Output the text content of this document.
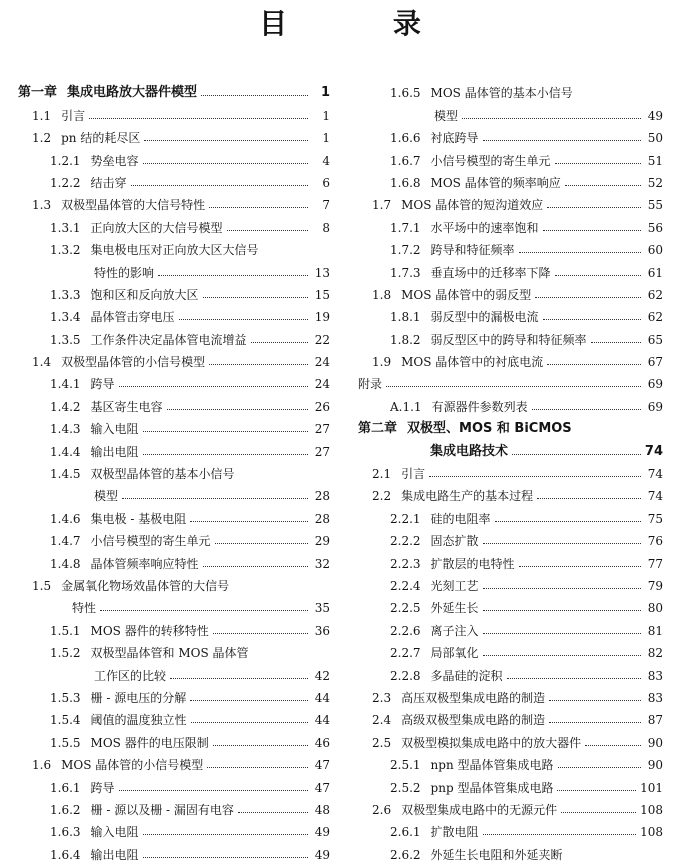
目 录
第一章 集成电路放大器件模型	1
1.1 引言	1
1.2 pn 结的耗尽区	1
1.2.1 势垒电容	4
1.2.2 结击穿	6
1.3 双极型晶体管的大信号特性	7
1.3.1 正向放大区的大信号模型	8
1.3.2 集电极电压对正向放大区大信号
特性的影响	13
1.3.3 饱和区和反向放大区	15
1.3.4 晶体管击穿电压	19
1.3.5 工作条件决定晶体管电流增益	22
1.4 双极型晶体管的小信号模型	24
1.4.1 跨导	24
1.4.2 基区寄生电容	26
1.4.3 输入电阻	27
1.4.4 输出电阻	27
1.4.5 双极型晶体管的基本小信号
模型	28
1.4.6 集电极 - 基极电阻	28
1.4.7 小信号模型的寄生单元	29
1.4.8 晶体管频率响应特性	32
1.5 金属氧化物场效晶体管的大信号
特性	35
1.5.1 MOS 器件的转移特性	36
1.5.2 双极型晶体管和 MOS 晶体管
工作区的比较	42
1.5.3 栅 - 源电压的分解	44
1.5.4 阈值的温度独立性	44
1.5.5 MOS 器件的电压限制	46
1.6 MOS 晶体管的小信号模型	47
1.6.1 跨导	47
1.6.2 栅 - 源以及栅 - 漏固有电容	48
1.6.3 输入电阻	49
1.6.4 输出电阻	49
1.6.5 MOS 晶体管的基本小信号
模型	49
1.6.6 衬底跨导	50
1.6.7 小信号模型的寄生单元	51
1.6.8 MOS 晶体管的频率响应	52
1.7 MOS 晶体管的短沟道效应	55
1.7.1 水平场中的速率饱和	56
1.7.2 跨导和特征频率	60
1.7.3 垂直场中的迁移率下降	61
1.8 MOS 晶体管中的弱反型	62
1.8.1 弱反型中的漏极电流	62
1.8.2 弱反型区中的跨导和特征频率	65
1.9 MOS 晶体管中的衬底电流	67
附录	69
A.1.1 有源器件参数列表	69
第二章 双极型、MOS 和 BiCMOS
集成电路技术	74
2.1 引言	74
2.2 集成电路生产的基本过程	74
2.2.1 硅的电阻率	75
2.2.2 固态扩散	76
2.2.3 扩散层的电特性	77
2.2.4 光刻工艺	79
2.2.5 外延生长	80
2.2.6 离子注入	81
2.2.7 局部氧化	82
2.2.8 多晶硅的淀积	83
2.3 高压双极型集成电路的制造	83
2.4 高级双极型集成电路的制造	87
2.5 双极型模拟集成电路中的放大器件	90
2.5.1 npn 型晶体管集成电路	90
2.5.2 pnp 型晶体管集成电路	101
2.6 双极型集成电路中的无源元件	108
2.6.1 扩散电阻	108
2.6.2 外延生长电阻和外延夹断
